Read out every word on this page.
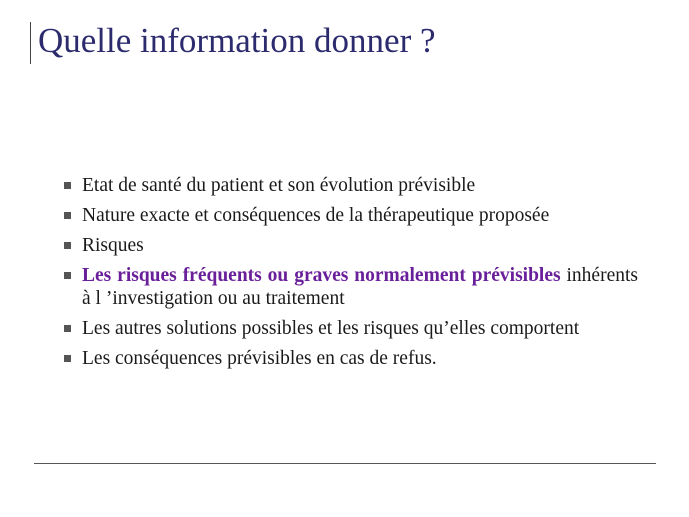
Quelle information donner ?
Etat de santé du patient et son évolution prévisible
Nature exacte et conséquences de la thérapeutique proposée
Risques
Les risques fréquents ou graves normalement prévisibles inhérents à l ’investigation ou au traitement
Les autres solutions possibles et les risques qu’elles comportent
Les conséquences prévisibles en cas de refus.
